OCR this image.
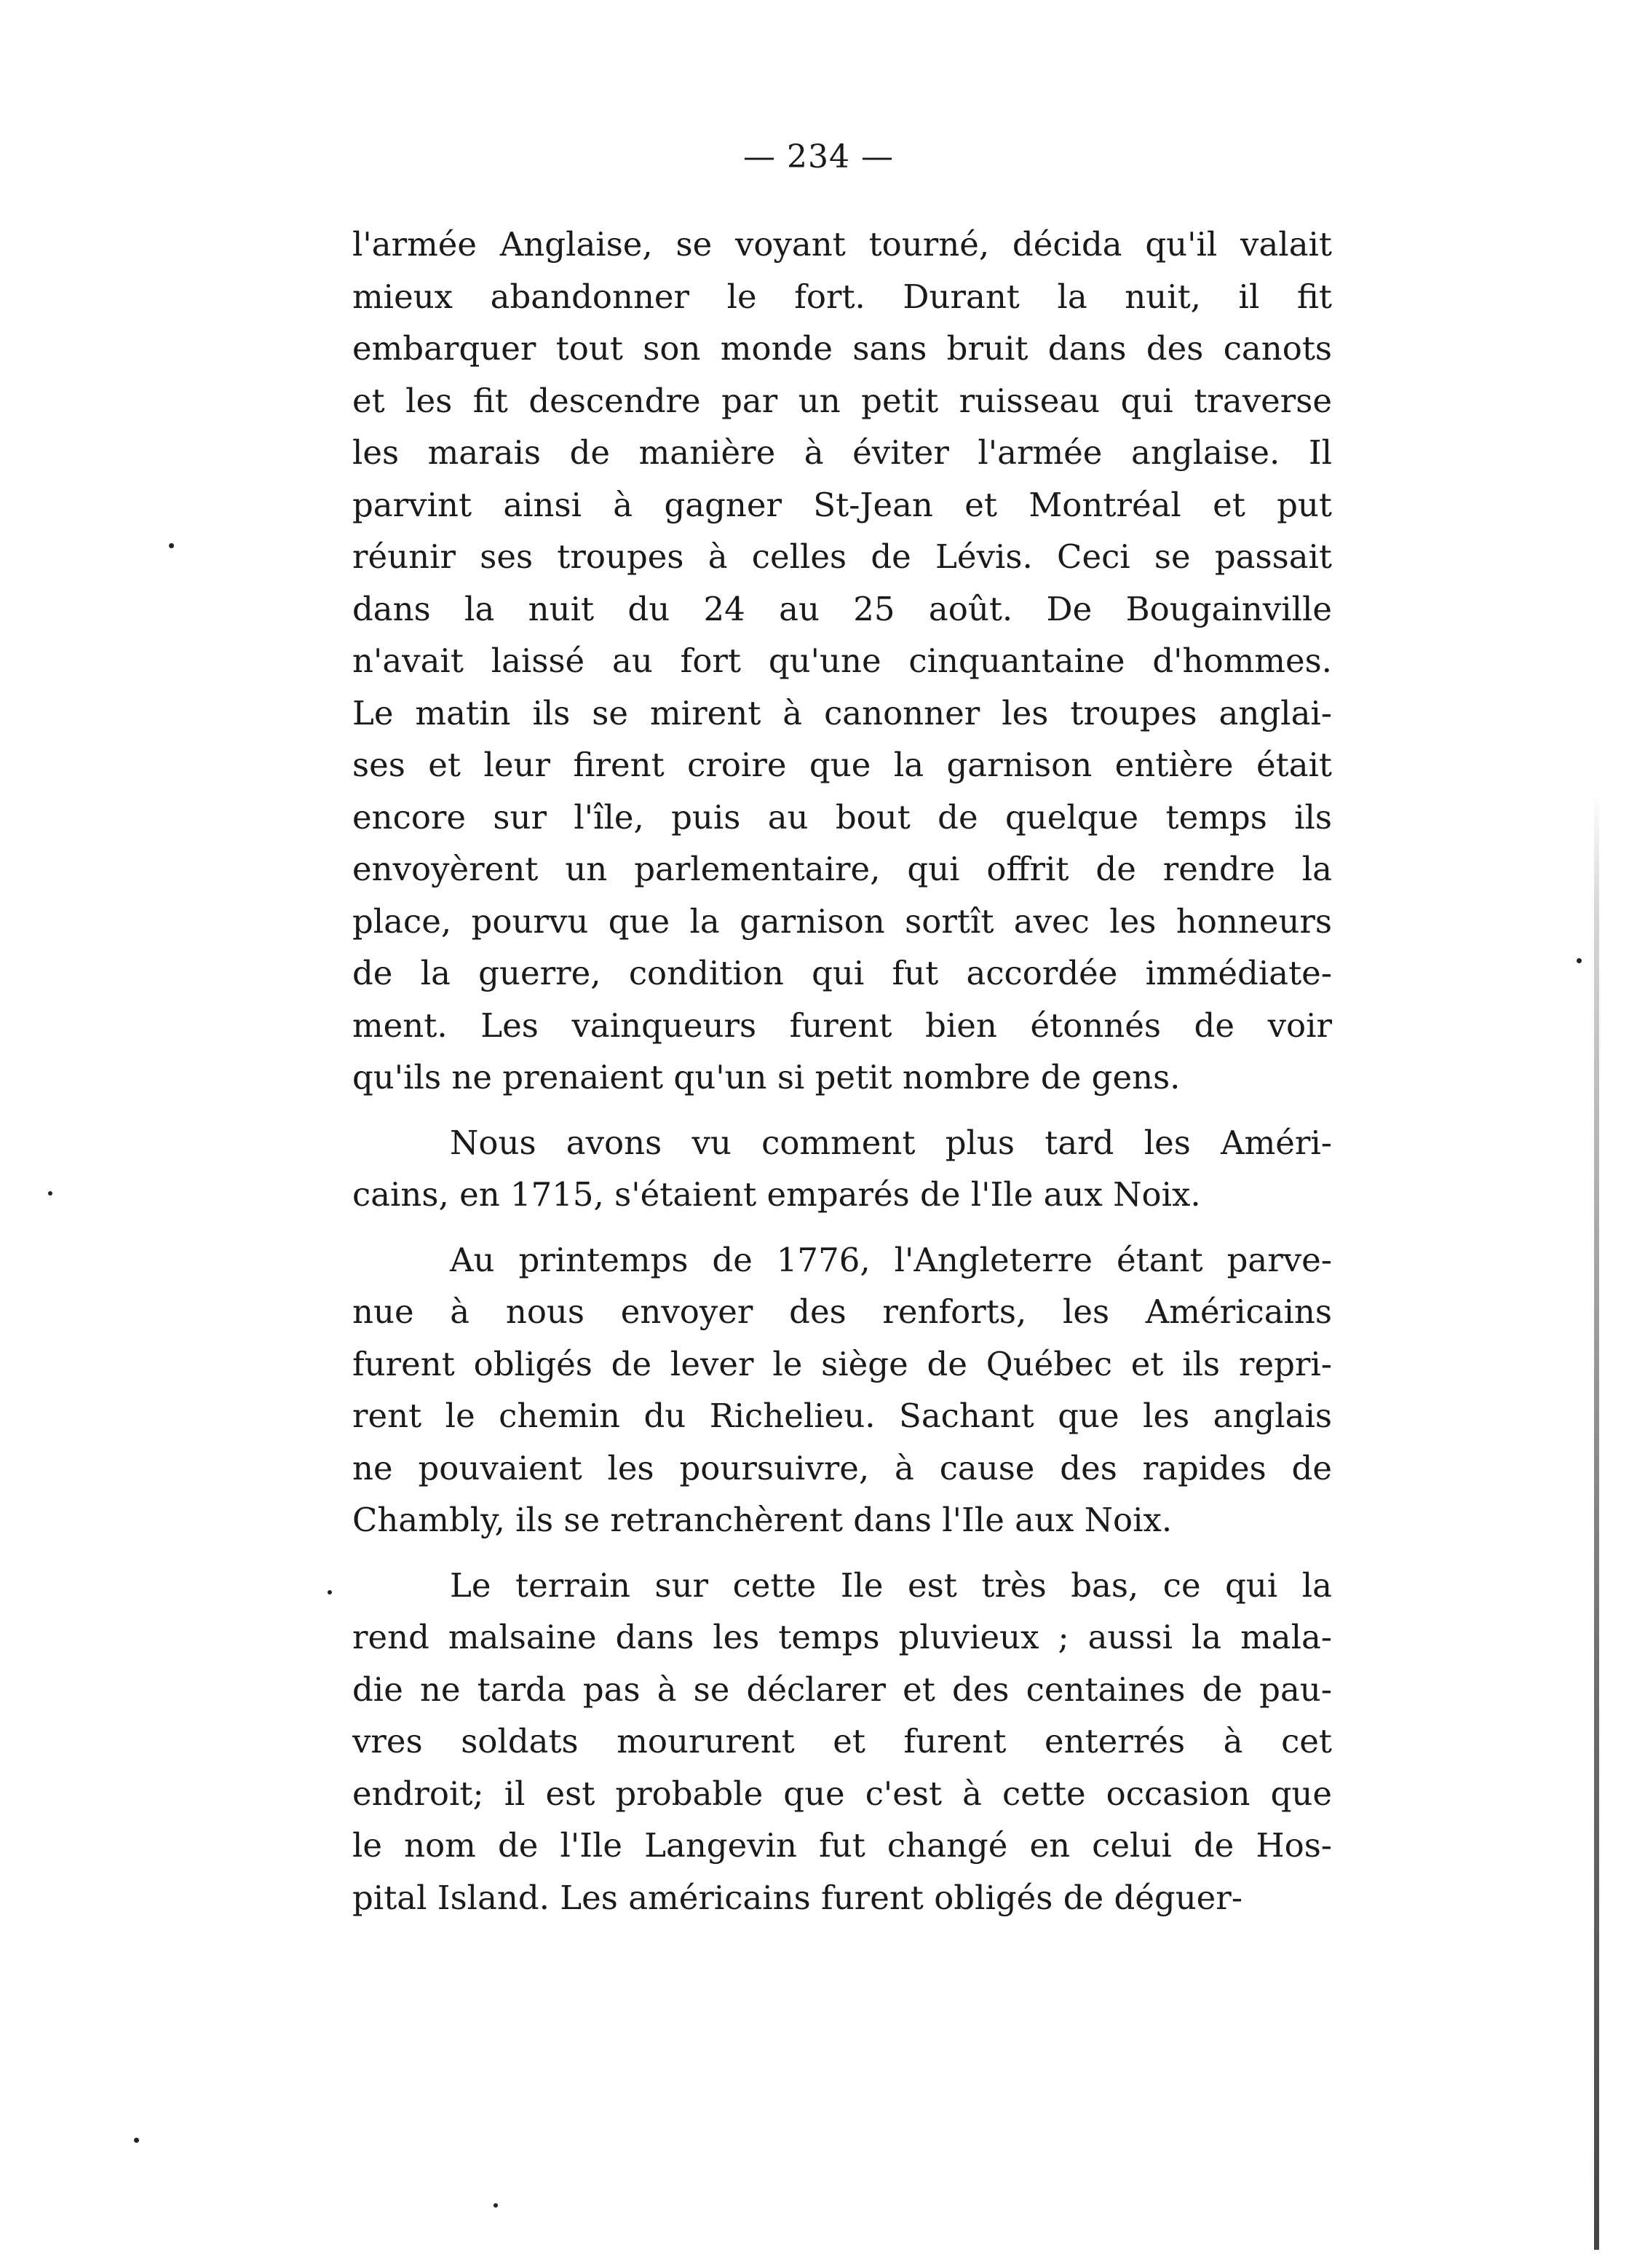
— 234 —
l'armée Anglaise, se voyant tourné, décida qu'il valait
mieux abandonner le fort. Durant la nuit, il fit
embarquer tout son monde sans bruit dans des canots
et les fit descendre par un petit ruisseau qui traverse
les marais de manière à éviter l'armée anglaise. Il
parvint ainsi à gagner St-Jean et Montréal et put
réunir ses troupes à celles de Lévis. Ceci se passait
dans la nuit du 24 au 25 août. De Bougainville
n'avait laissé au fort qu'une cinquantaine d'hommes.
Le matin ils se mirent à canonner les troupes anglai-
ses et leur firent croire que la garnison entière était
encore sur l'île, puis au bout de quelque temps ils
envoyèrent un parlementaire, qui offrit de rendre la
place, pourvu que la garnison sortît avec les honneurs
de la guerre, condition qui fut accordée immédiate-
ment. Les vainqueurs furent bien étonnés de voir
qu'ils ne prenaient qu'un si petit nombre de gens.
Nous avons vu comment plus tard les Améri-
cains, en 1715, s'étaient emparés de l'Ile aux Noix.
Au printemps de 1776, l'Angleterre étant parve-
nue à nous envoyer des renforts, les Américains
furent obligés de lever le siège de Québec et ils repri-
rent le chemin du Richelieu. Sachant que les anglais
ne pouvaient les poursuivre, à cause des rapides de
Chambly, ils se retranchèrent dans l'Ile aux Noix.
Le terrain sur cette Ile est très bas, ce qui la
rend malsaine dans les temps pluvieux ; aussi la mala-
die ne tarda pas à se déclarer et des centaines de pau-
vres soldats moururent et furent enterrés à cet
endroit; il est probable que c'est à cette occasion que
le nom de l'Ile Langevin fut changé en celui de Hos-
pital Island. Les américains furent obligés de déguer-
